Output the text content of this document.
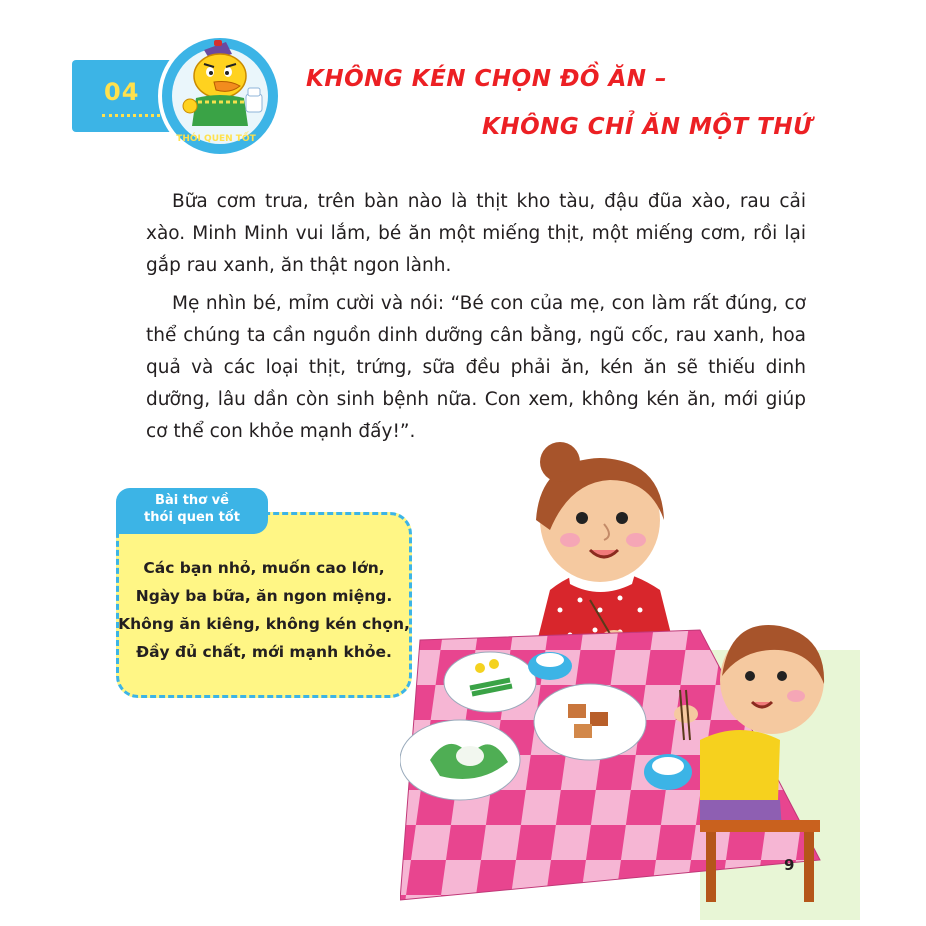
04
THÓI QUEN TỐT
KHÔNG KÉN CHỌN ĐỒ ĂN –
KHÔNG CHỈ ĂN MỘT THỨ

Bữa cơm trưa, trên bàn nào là thịt kho tàu, đậu đũa xào, rau cải xào. Minh Minh vui lắm, bé ăn một miếng thịt, một miếng cơm, rồi lại gắp rau xanh, ăn thật ngon lành.

Mẹ nhìn bé, mỉm cười và nói: “Bé con của mẹ, con làm rất đúng, cơ thể chúng ta cần nguồn dinh dưỡng cân bằng, ngũ cốc, rau xanh, hoa quả và các loại thịt, trứng, sữa đều phải ăn, kén ăn sẽ thiếu dinh dưỡng, lâu dần còn sinh bệnh nữa. Con xem, không kén ăn, mới giúp cơ thể con khỏe mạnh đấy!”.

Bài thơ về
thói quen tốt
Các bạn nhỏ, muốn cao lớn,
Ngày ba bữa, ăn ngon miệng.
Không ăn kiêng, không kén chọn,
Đầy đủ chất, mới mạnh khỏe.
9
